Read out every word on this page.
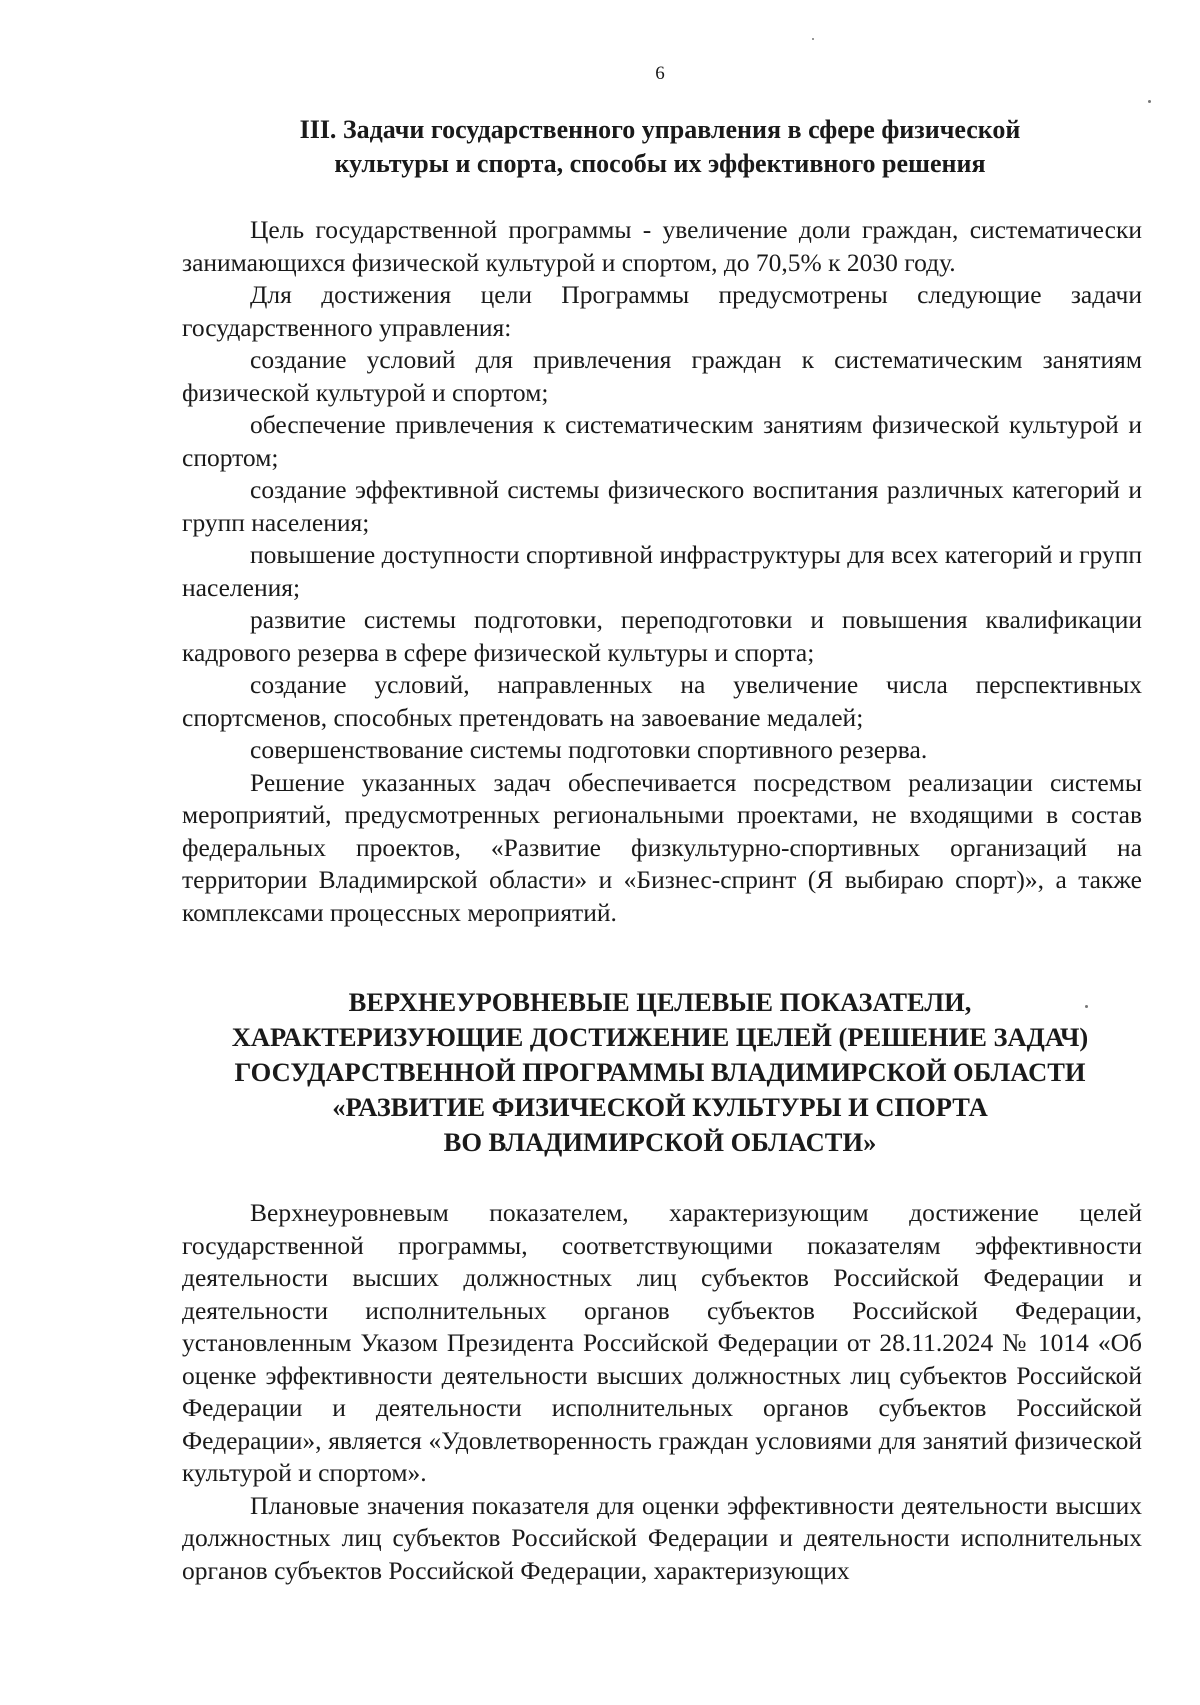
6
III. Задачи государственного управления в сфере физической
культуры и спорта, способы их эффективного решения

Цель государственной программы - увеличение доли граждан, систематически занимающихся физической культурой и спортом, до 70,5% к 2030 году.

Для достижения цели Программы предусмотрены следующие задачи государственного управления:

создание условий для привлечения граждан к систематическим занятиям физической культурой и спортом;

обеспечение привлечения к систематическим занятиям физической культурой и спортом;

создание эффективной системы физического воспитания различных категорий и групп населения;

повышение доступности спортивной инфраструктуры для всех категорий и групп населения;

развитие системы подготовки, переподготовки и повышения квалификации кадрового резерва в сфере физической культуры и спорта;

создание условий, направленных на увеличение числа перспективных спортсменов, способных претендовать на завоевание медалей;

совершенствование системы подготовки спортивного резерва.

Решение указанных задач обеспечивается посредством реализации системы мероприятий, предусмотренных региональными проектами, не входящими в состав федеральных проектов, «Развитие физкультурно-спортивных организаций на территории Владимирской области» и «Бизнес-спринт (Я выбираю спорт)», а также комплексами процессных мероприятий.

ВЕРХНЕУРОВНЕВЫЕ ЦЕЛЕВЫЕ ПОКАЗАТЕЛИ,
ХАРАКТЕРИЗУЮЩИЕ ДОСТИЖЕНИЕ ЦЕЛЕЙ (РЕШЕНИЕ ЗАДАЧ)
ГОСУДАРСТВЕННОЙ ПРОГРАММЫ ВЛАДИМИРСКОЙ ОБЛАСТИ
«РАЗВИТИЕ ФИЗИЧЕСКОЙ КУЛЬТУРЫ И СПОРТА
ВО ВЛАДИМИРСКОЙ ОБЛАСТИ»

Верхнеуровневым показателем, характеризующим достижение целей государственной программы, соответствующими показателям эффективности деятельности высших должностных лиц субъектов Российской Федерации и деятельности исполнительных органов субъектов Российской Федерации, установленным Указом Президента Российской Федерации от 28.11.2024 № 1014 «Об оценке эффективности деятельности высших должностных лиц субъектов Российской Федерации и деятельности исполнительных органов субъектов Российской Федерации», является «Удовлетворенность граждан условиями для занятий физической культурой и спортом».

Плановые значения показателя для оценки эффективности деятельности высших должностных лиц субъектов Российской Федерации и деятельности исполнительных органов субъектов Российской Федерации, характеризующих
